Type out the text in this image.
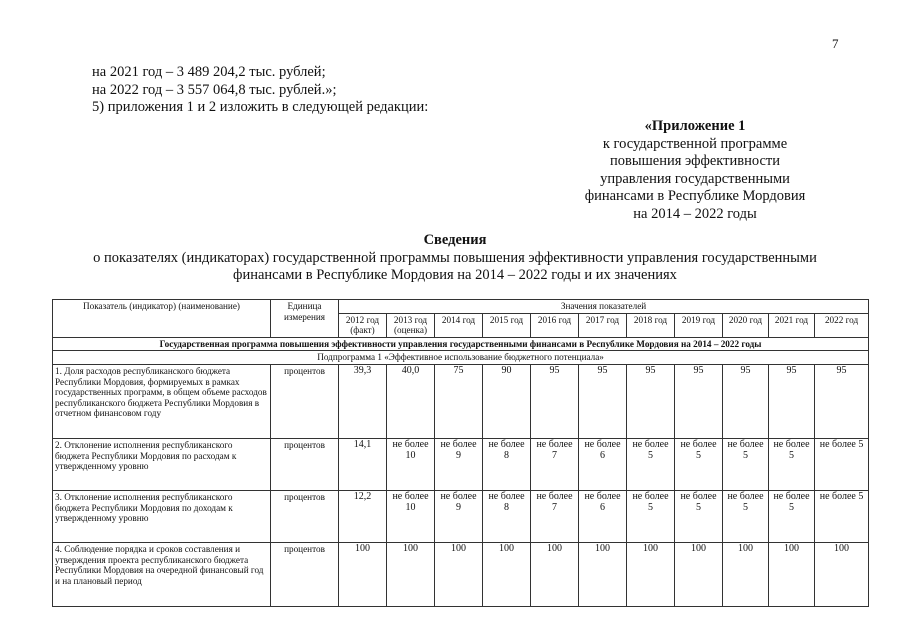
7
на 2021 год – 3 489 204,2 тыс. рублей;
на 2022 год – 3 557 064,8 тыс. рублей.»;
5) приложения 1 и 2 изложить в следующей редакции:
«Приложение 1
к государственной программе
повышения эффективности
управления государственными
финансами в Республике Мордовия
на 2014 – 2022 годы
Сведения
о показателях (индикаторах) государственной программы повышения эффективности управления государственными
финансами в Республике Мордовия на 2014 – 2022 годы и их значениях
Показатель (индикатор) (наименование)	Единица измерения	Значения показателей										
		2012 год (факт)	2013 год (оценка)	2014 год	2015 год	2016 год	2017 год	2018 год	2019 год	2020 год	2021 год	2022 год
Государственная программа повышения эффективности управления государственными финансами в Республике Мордовия на 2014 – 2022 годы												
Подпрограмма 1 «Эффективное использование бюджетного потенциала»												
1. Доля расходов республиканского бюджета Республики Мордовия, формируемых в рамках государственных программ, в общем объеме расходов республиканского бюджета Республики Мордовия в отчетном финансовом году	процентов	39,3	40,0	75	90	95	95	95	95	95	95	95
2. Отклонение исполнения республиканского бюджета Республики Мордовия по расходам к утвержденному уровню	процентов	14,1	не более 10	не более 9	не более 8	не более 7	не более 6	не более 5	не более 5	не более 5	не более 5	не более 5
3. Отклонение исполнения республиканского бюджета Республики Мордовия по доходам к утвержденному уровню	процентов	12,2	не более 10	не более 9	не более 8	не более 7	не более 6	не более 5	не более 5	не более 5	не более 5	не более 5
4. Соблюдение порядка и сроков составления и утверждения проекта республиканского бюджета Республики Мордовия на очередной финансовый год и на плановый период	процентов	100	100	100	100	100	100	100	100	100	100	100
